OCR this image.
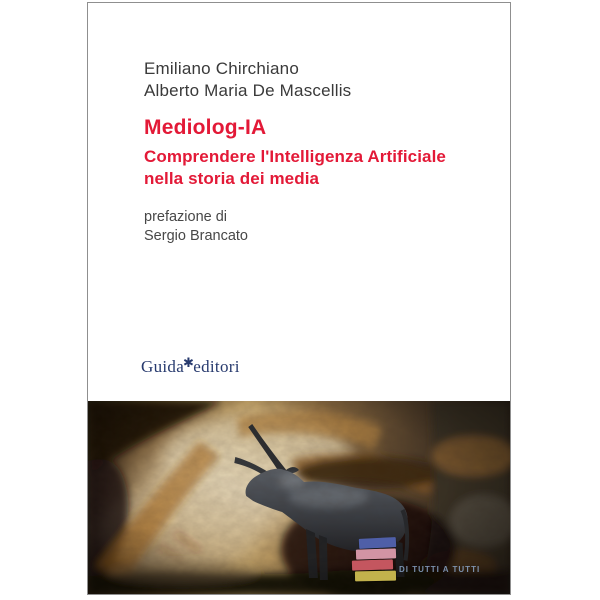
Emiliano Chirchiano
Alberto Maria De Mascellis
Mediolog-IA
Comprendere l'Intelligenza Artificiale
nella storia dei media
prefazione di
Sergio Brancato
Guida✱editori
DI TUTTI A TUTTI
